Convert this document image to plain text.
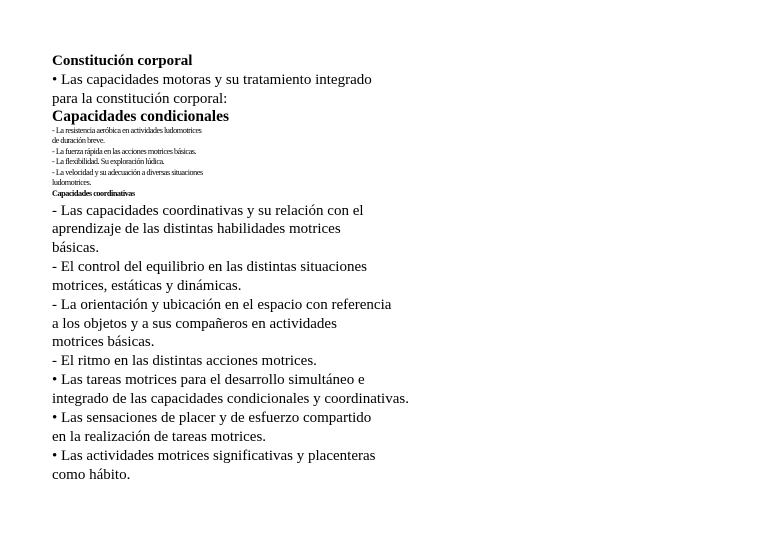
Constitución corporal
• Las capacidades motoras y su tratamiento integrado
para la constitución corporal:
Capacidades condicionales
- La resistencia aeróbica en actividades ludomotrices
de duración breve.
- La fuerza rápida en las acciones motrices básicas.
- La flexibilidad. Su exploración lúdica.
- La velocidad y su adecuación a diversas situaciones
ludomotrices.
Capacidades coordinativas
- Las capacidades coordinativas y su relación con el
aprendizaje de las distintas habilidades motrices
básicas.
- El control del equilibrio en las distintas situaciones
motrices, estáticas y dinámicas.
- La orientación y ubicación en el espacio con referencia
a los objetos y a sus compañeros en actividades
motrices básicas.
- El ritmo en las distintas acciones motrices.
• Las tareas motrices para el desarrollo simultáneo e
integrado de las capacidades condicionales y coordinativas.
• Las sensaciones de placer y de esfuerzo compartido
en la realización de tareas motrices.
• Las actividades motrices significativas y placenteras
como hábito.
